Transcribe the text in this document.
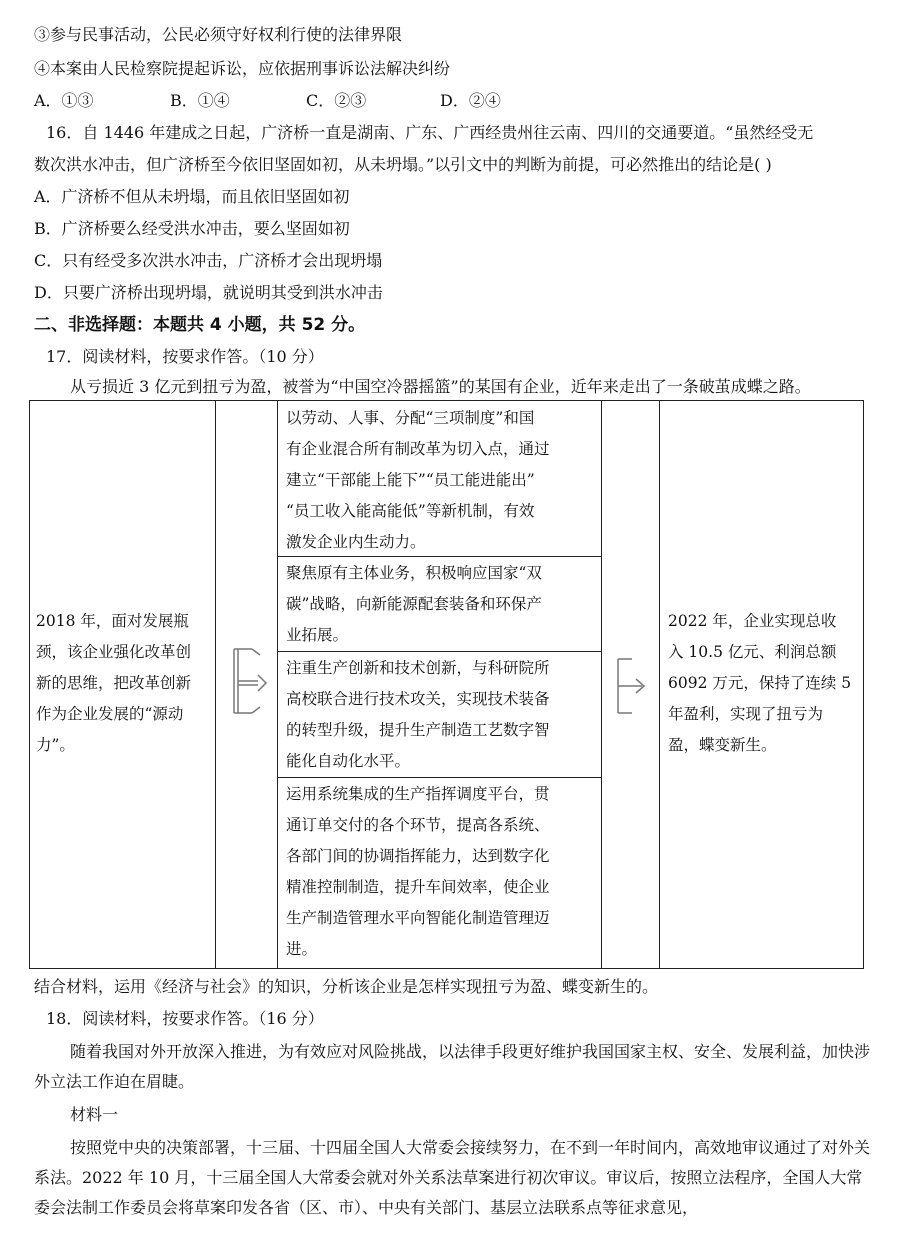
③参与民事活动，公民必须守好权利行使的法律界限
④本案由人民检察院提起诉讼，应依据刑事诉讼法解决纠纷
A．①③	B．①④	C．②③	D．②④
16．自 1446 年建成之日起，广济桥一直是湖南、广东、广西经贵州往云南、四川的交通要道。“虽然经受无
数次洪水冲击，但广济桥至今依旧坚固如初，从未坍塌。”以引文中的判断为前提，可必然推出的结论是( )
A．广济桥不但从未坍塌，而且依旧坚固如初
B．广济桥要么经受洪水冲击，要么坚固如初
C．只有经受多次洪水冲击，广济桥才会出现坍塌
D．只要广济桥出现坍塌，就说明其受到洪水冲击
二、非选择题：本题共 4 小题，共 52 分。
17．阅读材料，按要求作答。（10 分）
从亏损近 3 亿元到扭亏为盈，被誉为“中国空冷器摇篮”的某国有企业，近年来走出了一条破茧成蝶之路。
2018 年，面对发展瓶
颈，该企业强化改革创
新的思维，把改革创新
作为企业发展的“源动
力”。
以劳动、人事、分配“三项制度”和国
有企业混合所有制改革为切入点，通过
建立“干部能上能下”“员工能进能出”
“员工收入能高能低”等新机制，有效
激发企业内生动力。
聚焦原有主体业务，积极响应国家“双
碳”战略，向新能源配套装备和环保产
业拓展。
注重生产创新和技术创新，与科研院所
高校联合进行技术攻关，实现技术装备
的转型升级，提升生产制造工艺数字智
能化自动化水平。
运用系统集成的生产指挥调度平台，贯
通订单交付的各个环节，提高各系统、
各部门间的协调指挥能力，达到数字化
精准控制制造，提升车间效率，使企业
生产制造管理水平向智能化制造管理迈
进。
2022 年，企业实现总收
入 10.5 亿元、利润总额
6092 万元，保持了连续 5
年盈利，实现了扭亏为
盈，蝶变新生。
结合材料，运用《经济与社会》的知识，分析该企业是怎样实现扭亏为盈、蝶变新生的。
18．阅读材料，按要求作答。（16 分）
随着我国对外开放深入推进，为有效应对风险挑战，以法律手段更好维护我国国家主权、安全、发展利益，加快涉外立法工作迫在眉睫。
材料一
按照党中央的决策部署，十三届、十四届全国人大常委会接续努力，在不到一年时间内，高效地审议通过了对外关系法。2022 年 10 月，十三届全国人大常委会就对外关系法草案进行初次审议。审议后，按照立法程序，全国人大常委会法制工作委员会将草案印发各省（区、市）、中央有关部门、基层立法联系点等征求意见，
